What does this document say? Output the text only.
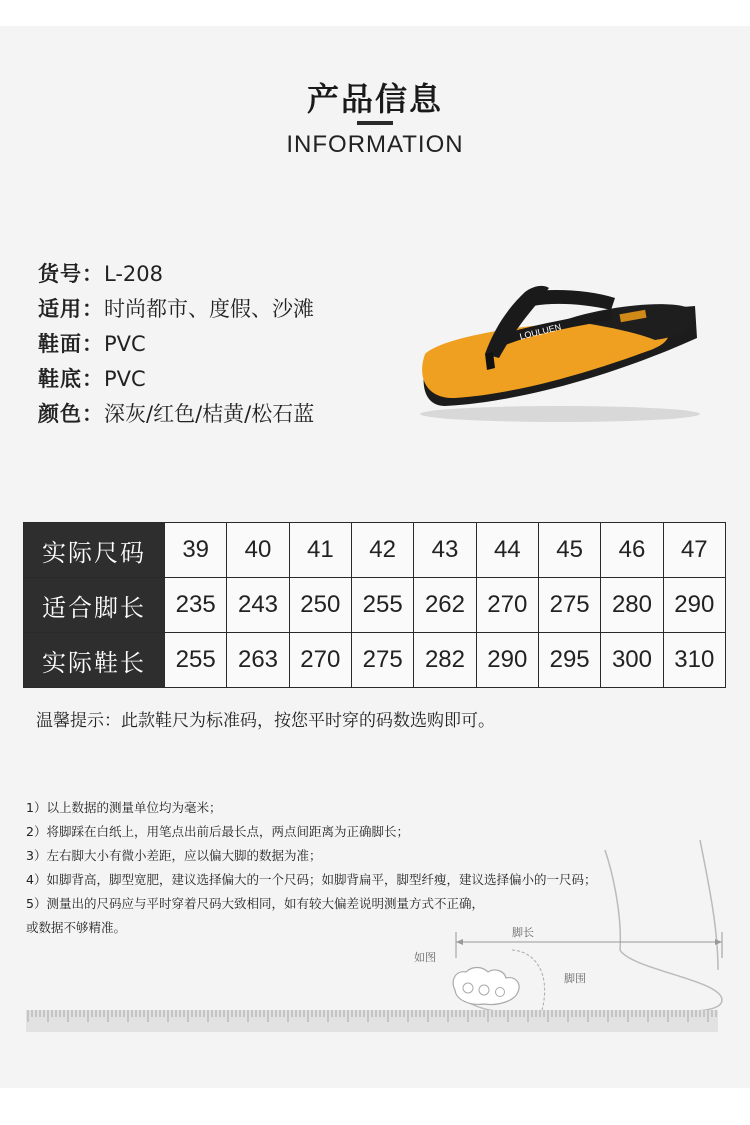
产品信息
INFORMATION
货号：L-208
适用：时尚都市、度假、沙滩
鞋面：PVC
鞋底：PVC
颜色：深灰/红色/桔黄/松石蓝
LOULUEN
实际尺码	39	40	41	42	43	44	45	46	47
适合脚长	235	243	250	255	262	270	275	280	290
实际鞋长	255	263	270	275	282	290	295	300	310
温馨提示：此款鞋尺为标准码，按您平时穿的码数选购即可。
1）以上数据的测量单位均为毫米；
2）将脚踩在白纸上，用笔点出前后最长点，两点间距离为正确脚长；
3）左右脚大小有微小差距，应以偏大脚的数据为准；
4）如脚背高，脚型宽肥，建议选择偏大的一个尺码；如脚背扁平，脚型纤瘦，建议选择偏小的一尺码；
5）测量出的尺码应与平时穿着尺码大致相同，如有较大偏差说明测量方式不正确，
或数据不够精准。	脚长
如图
脚围
